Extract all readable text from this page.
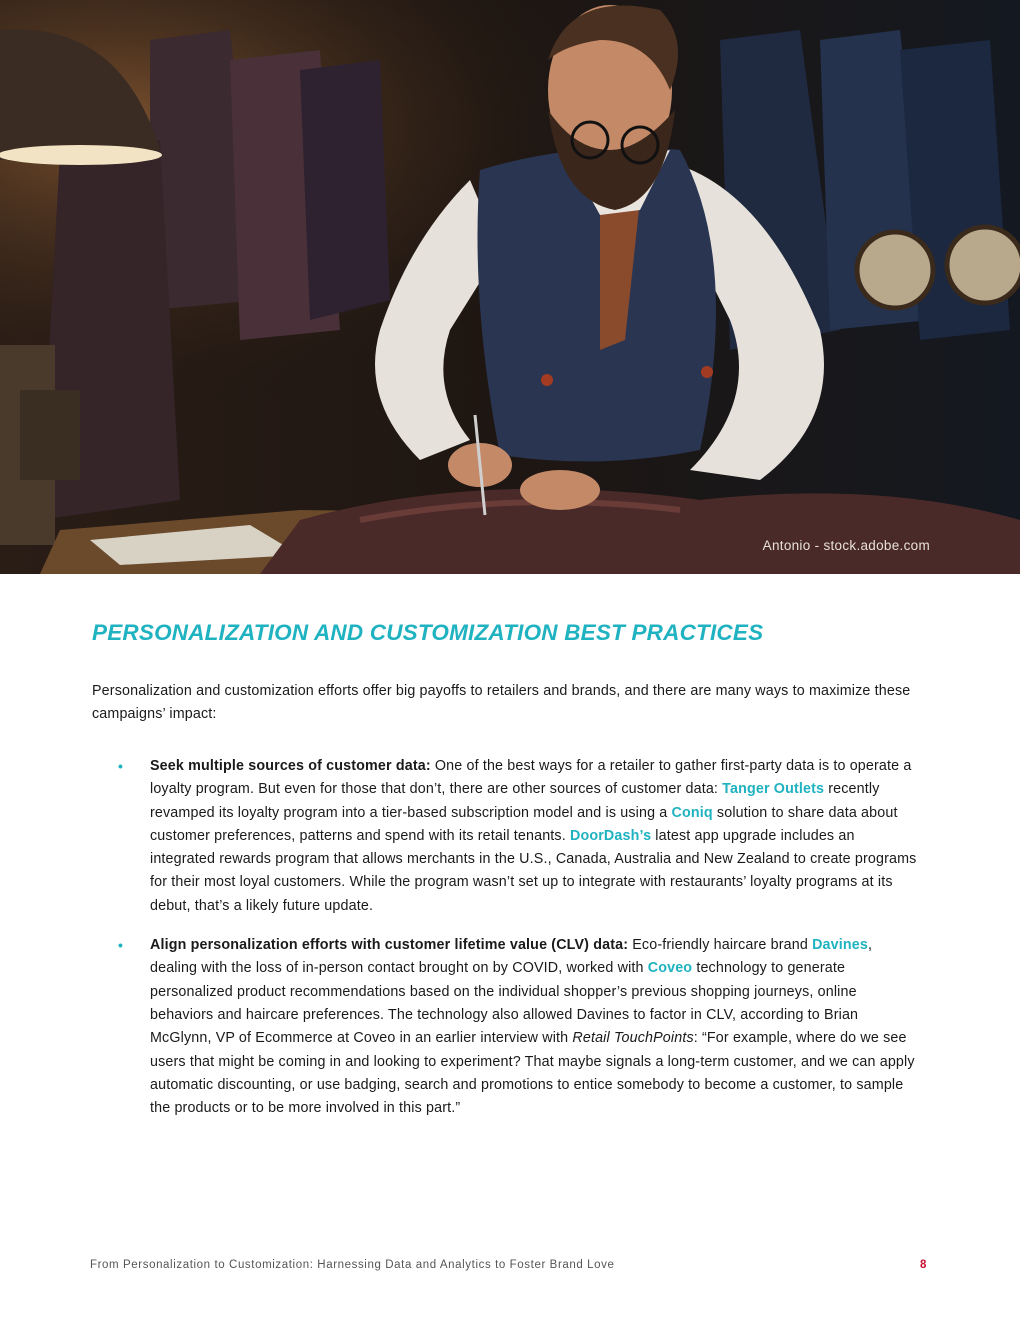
Antonio - stock.adobe.com
PERSONALIZATION AND CUSTOMIZATION BEST PRACTICES

Personalization and customization efforts offer big payoffs to retailers and brands, and there are many ways to maximize these campaigns’ impact:

• Seek multiple sources of customer data: One of the best ways for a retailer to gather first-party data is to operate a loyalty program. But even for those that don’t, there are other sources of customer data: Tanger Outlets recently revamped its loyalty program into a tier-based subscription model and is using a Coniq solution to share data about customer preferences, patterns and spend with its retail tenants. DoorDash’s latest app upgrade includes an integrated rewards program that allows merchants in the U.S., Canada, Australia and New Zealand to create programs for their most loyal customers. While the program wasn’t set up to integrate with restaurants’ loyalty programs at its debut, that’s a likely future update.
• Align personalization efforts with customer lifetime value (CLV) data: Eco-friendly haircare brand Davines, dealing with the loss of in-person contact brought on by COVID, worked with Coveo technology to generate personalized product recommendations based on the individual shopper’s previous shopping journeys, online behaviors and haircare preferences. The technology also allowed Davines to factor in CLV, according to Brian McGlynn, VP of Ecommerce at Coveo in an earlier interview with Retail TouchPoints: “For example, where do we see users that might be coming in and looking to experiment? That maybe signals a long-term customer, and we can apply automatic discounting, or use badging, search and promotions to entice somebody to become a customer, to sample the products or to be more involved in this part.”
From Personalization to Customization: Harnessing Data and Analytics to Foster Brand Love	8
